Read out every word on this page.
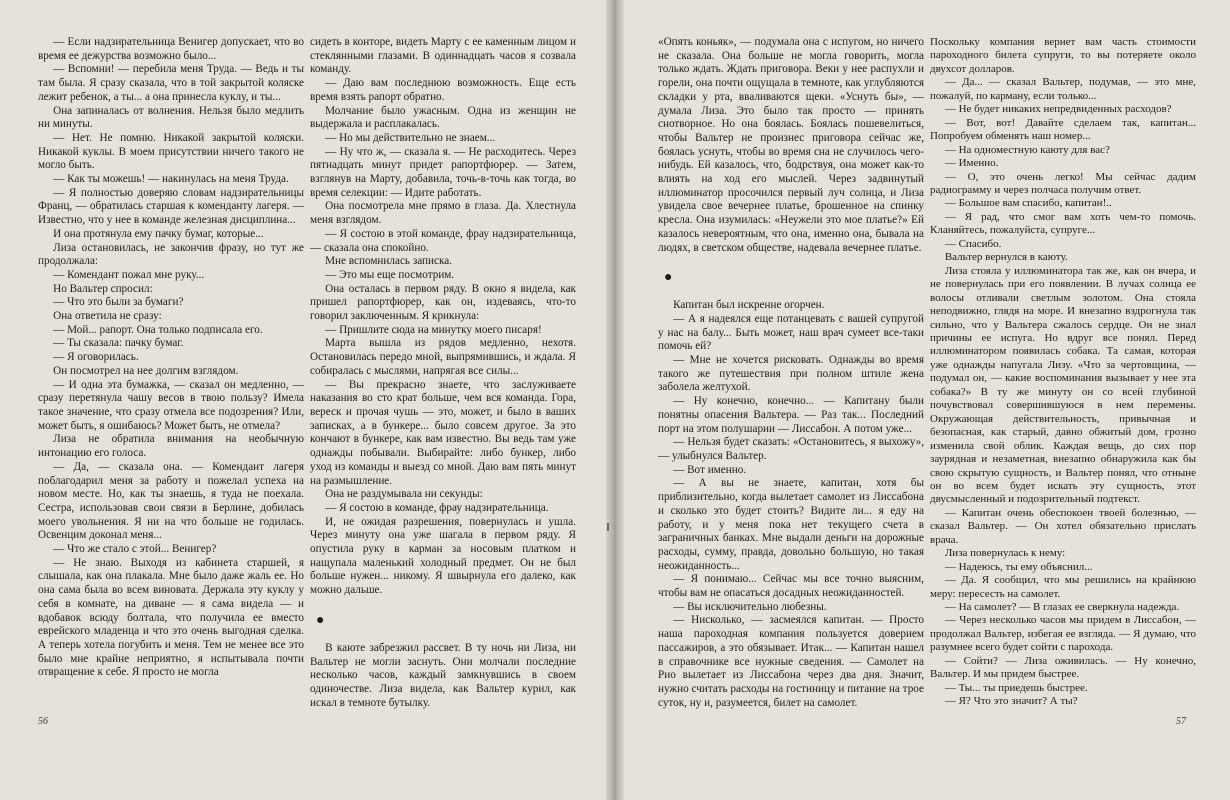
— Если надзирательница Венигер допускает, что во время ее дежурства возможно было...

— Вспомни! — перебила меня Труда. — Ведь и ты там была. Я сразу сказала, что в той закрытой коляске лежит ребенок, а ты... а она принесла куклу, и ты...

Она запиналась от волнения. Нельзя было медлить ни минуты.

— Нет. Не помню. Никакой закрытой коляски. Никакой куклы. В моем присутствии ничего такого не могло быть.

— Как ты можешь! — накинулась на меня Труда.

— Я полностью доверяю словам надзирательницы Франц, — обратилась старшая к коменданту лагеря. — Известно, что у нее в команде железная дисциплина...

И она протянула ему пачку бумаг, которые...

Лиза остановилась, не закончив фразу, но тут же продолжала:

— Комендант пожал мне руку...

Но Вальтер спросил:

— Что это были за бумаги?

Она ответила не сразу:

— Мой... рапорт. Она только подписала его.

— Ты сказала: пачку бумаг.

— Я оговорилась.

Он посмотрел на нее долгим взглядом.

— И одна эта бумажка, — сказал он медленно, — сразу перетянула чашу весов в твою пользу? Имела такое значение, что сразу отмела все подозрения? Или, может быть, я ошибаюсь? Может быть, не отмела?

Лиза не обратила внимания на необычную интонацию его голоса.

— Да, — сказала она. — Комендант лагеря поблагодарил меня за работу и пожелал успеха на новом месте. Но, как ты знаешь, я туда не поехала. Сестра, использовав свои связи в Берлине, добилась моего увольнения. Я ни на что больше не годилась. Освенцим доконал меня...

— Что же стало с этой... Венигер?

— Не знаю. Выходя из кабинета старшей, я слышала, как она плакала. Мне было даже жаль ее. Но она сама была во всем виновата. Держала эту куклу у себя в комнате, на диване — я сама видела — и вдобавок всюду болтала, что получила ее вместо еврейского младенца и что это очень выгодная сделка. А теперь хотела погубить и меня. Тем не менее все это было мне крайне неприятно, я испытывала почти отвращение к себе. Я просто не могла

сидеть в конторе, видеть Марту с ее каменным лицом и стеклянными глазами. В одиннадцать часов я созвала команду.

— Даю вам последнюю возможность. Еще есть время взять рапорт обратно.

Молчание было ужасным. Одна из женщин не выдержала и расплакалась.

— Но мы действительно не знаем...

— Ну что ж, — сказала я. — Не расходитесь. Через пятнадцать минут придет рапортфюрер. — Затем, взглянув на Марту, добавила, точь-в-точь как тогда, во время селекции: — Идите работать.

Она посмотрела мне прямо в глаза. Да. Хлестнула меня взглядом.

— Я состою в этой команде, фрау надзирательница, — сказала она спокойно.

Мне вспомнилась записка.

— Это мы еще посмотрим.

Она осталась в первом ряду. В окно я видела, как пришел рапортфюрер, как он, издеваясь, что-то говорил заключенным. Я крикнула:

— Пришлите сюда на минутку моего писаря!

Марта вышла из рядов медленно, нехотя. Остановилась передо мной, выпрямившись, и ждала. Я собиралась с мыслями, напрягая все силы...

— Вы прекрасно знаете, что заслуживаете наказания во сто крат больше, чем вся команда. Гора, вереск и прочая чушь — это, может, и было в ваших записках, а в бункере... было совсем другое. За это кончают в бункере, как вам известно. Вы ведь там уже однажды побывали. Выбирайте: либо бункер, либо уход из команды и выезд со мной. Даю вам пять минут на размышление.

Она не раздумывала ни секунды:

— Я состою в команде, фрау надзирательница.

И, не ожидая разрешения, повернулась и ушла. Через минуту она уже шагала в первом ряду. Я опустила руку в карман за носовым платком и нащупала маленький холодный предмет. Он не был больше нужен... никому. Я швырнула его далеко, как можно дальше.

●

В каюте забрезжил рассвет. В ту ночь ни Лиза, ни Вальтер не могли заснуть. Они молчали последние несколько часов, каждый замкнувшись в своем одиночестве. Лиза видела, как Вальтер курил, как искал в темноте бутылку.

«Опять коньяк», — подумала она с испугом, но ничего не сказала. Она больше не могла говорить, могла только ждать. Ждать приговора. Веки у нее распухли и горели, она почти ощущала в темноте, как углубляются складки у рта, вваливаются щеки. «Уснуть бы», — думала Лиза. Это было так просто — принять снотворное. Но она боялась. Боялась пошевелиться, чтобы Вальтер не произнес приговора сейчас же, боялась уснуть, чтобы во время сна не случилось чего-нибудь. Ей казалось, что, бодрствуя, она может как-то влиять на ход его мыслей. Через задвинутый иллюминатор просочился первый луч солнца, и Лиза увидела свое вечернее платье, брошенное на спинку кресла. Она изумилась: «Неужели это мое платье?» Ей казалось невероятным, что она, именно она, бывала на людях, в светском обществе, надевала вечернее платье.

●

Капитан был искренне огорчен.

— А я надеялся еще потанцевать с вашей супругой у нас на балу... Быть может, наш врач сумеет все-таки помочь ей?

— Мне не хочется рисковать. Однажды во время такого же путешествия при полном штиле жена заболела желтухой.

— Ну конечно, конечно... — Капитану были понятны опасения Вальтера. — Раз так... Последний порт на этом полушарии — Лиссабон. А потом уже...

— Нельзя будет сказать: «Остановитесь, я выхожу», — улыбнулся Вальтер.

— Вот именно.

— А вы не знаете, капитан, хотя бы приблизительно, когда вылетает самолет из Лиссабона и сколько это будет стоить? Видите ли... я еду на работу, и у меня пока нет текущего счета в заграничных банках. Мне выдали деньги на дорожные расходы, сумму, правда, довольно большую, но такая неожиданность...

— Я понимаю... Сейчас мы все точно выясним, чтобы вам не опасаться досадных неожиданностей.

— Вы исключительно любезны.

— Нисколько, — засмеялся капитан. — Просто наша пароходная компания пользуется доверием пассажиров, а это обязывает. Итак... — Капитан нашел в справочнике все нужные сведения. — Самолет на Рио вылетает из Лиссабона через два дня. Значит, нужно считать расходы на гостиницу и питание на трое суток, ну и, разумеется, билет на самолет.

Поскольку компания вернет вам часть стоимости пароходного билета супруги, то вы потеряете около двухсот долларов.

— Да... — сказал Вальтер, подумав, — это мне, пожалуй, по карману, если только...

— Не будет никаких непредвиденных расходов?

— Вот, вот! Давайте сделаем так, капитан... Попробуем обменять наш номер...

— На одноместную каюту для вас?

— Именно.

— О, это очень легко! Мы сейчас дадим радиограмму и через полчаса получим ответ.

— Большое вам спасибо, капитан!..

— Я рад, что смог вам хоть чем-то помочь. Кланяйтесь, пожалуйста, супруге...

— Спасибо.

Вальтер вернулся в каюту.

Лиза стояла у иллюминатора так же, как он вчера, и не повернулась при его появлении. В лучах солнца ее волосы отливали светлым золотом. Она стояла неподвижно, глядя на море. И внезапно вздрогнула так сильно, что у Вальтера сжалось сердце. Он не знал причины ее испуга. Но вдруг все понял. Перед иллюминатором появилась собака. Та самая, которая уже однажды напугала Лизу. «Что за чертовщина, — подумал он, — какие воспоминания вызывает у нее эта собака?» В ту же минуту он со всей глубиной почувствовал совершившуюся в нем перемены. Окружающая действительность, привычная и безопасная, как старый, давно обжитый дом, грозно изменила свой облик. Каждая вещь, до сих пор заурядная и незаметная, внезапно обнаружила как бы свою скрытую сущность, и Вальтер понял, что отныне он во всем будет искать эту сущность, этот двусмысленный и подозрительный подтекст.

— Капитан очень обеспокоен твоей болезнью, — сказал Вальтер. — Он хотел обязательно прислать врача.

Лиза повернулась к нему:

— Надеюсь, ты ему объяснил...

— Да. Я сообщил, что мы решились на крайнюю меру: пересесть на самолет.

— На самолет? — В глазах ее сверкнула надежда.

— Через несколько часов мы придем в Лиссабон, — продолжал Вальтер, избегая ее взгляда. — Я думаю, что разумнее всего будет сойти с парохода.

— Сойти? — Лиза оживилась. — Ну конечно, Вальтер. И мы придем быстрее.

— Ты... ты приедешь быстрее.

— Я? Что это значит? А ты?

56	57
